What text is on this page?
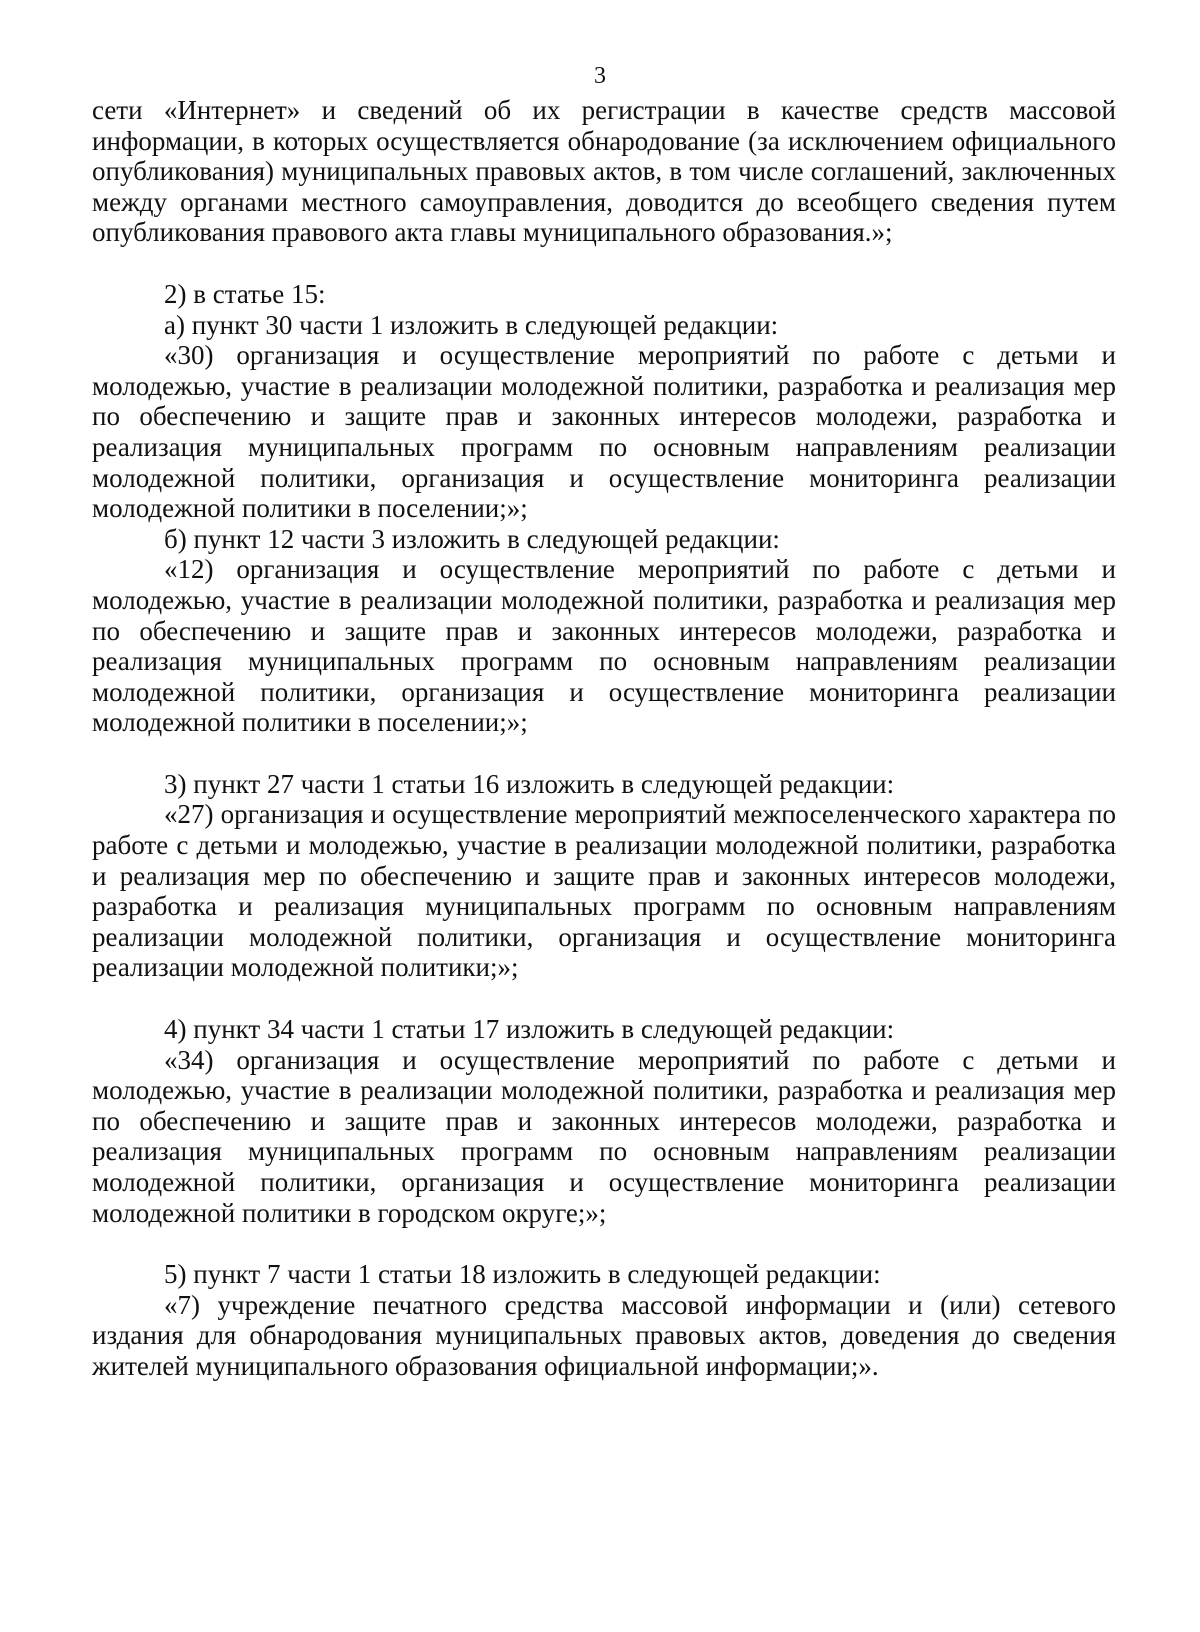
3

сети «Интернет» и сведений об их регистрации в качестве средств массовой информации, в которых осуществляется обнародование (за исключением официального опубликования) муниципальных правовых актов, в том числе соглашений, заключенных между органами местного самоуправления, доводится до всеобщего сведения путем опубликования правового акта главы муниципального образования.»;

2) в статье 15:

а) пункт 30 части 1 изложить в следующей редакции:

«30) организация и осуществление мероприятий по работе с детьми и молодежью, участие в реализации молодежной политики, разработка и реализация мер по обеспечению и защите прав и законных интересов молодежи, разработка и реализация муниципальных программ по основным направлениям реализации молодежной политики, организация и осуществление мониторинга реализации молодежной политики в поселении;»;

б) пункт 12 части 3 изложить в следующей редакции:

«12) организация и осуществление мероприятий по работе с детьми и молодежью, участие в реализации молодежной политики, разработка и реализация мер по обеспечению и защите прав и законных интересов молодежи, разработка и реализация муниципальных программ по основным направлениям реализации молодежной политики, организация и осуществление мониторинга реализации молодежной политики в поселении;»;

3) пункт 27 части 1 статьи 16 изложить в следующей редакции:

«27) организация и осуществление мероприятий межпоселенческого характера по работе с детьми и молодежью, участие в реализации молодежной политики, разработка и реализация мер по обеспечению и защите прав и законных интересов молодежи, разработка и реализация муниципальных программ по основным направлениям реализации молодежной политики, организация и осуществление мониторинга реализации молодежной политики;»;

4) пункт 34 части 1 статьи 17 изложить в следующей редакции:

«34) организация и осуществление мероприятий по работе с детьми и молодежью, участие в реализации молодежной политики, разработка и реализация мер по обеспечению и защите прав и законных интересов молодежи, разработка и реализация муниципальных программ по основным направлениям реализации молодежной политики, организация и осуществление мониторинга реализации молодежной политики в городском округе;»;

5) пункт 7 части 1 статьи 18 изложить в следующей редакции:

«7) учреждение печатного средства массовой информации и (или) сетевого издания для обнародования муниципальных правовых актов, доведения до сведения жителей муниципального образования официальной информации;».
